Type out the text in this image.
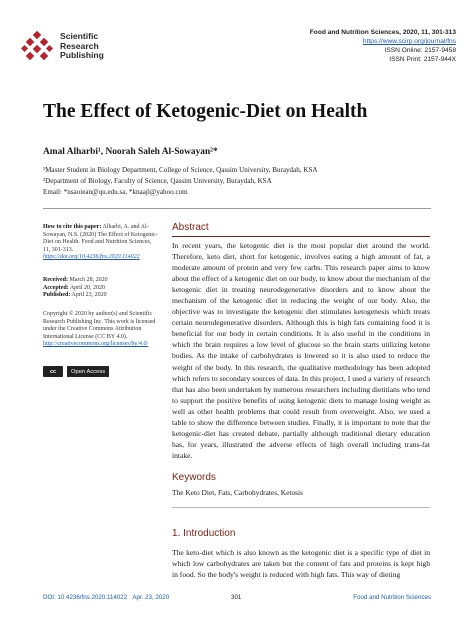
Scientific
Research
Publishing
Food and Nutrition Sciences, 2020, 11, 301-313
https://www.scirp.org/journal/fns
ISSN Online: 2157-9458
ISSN Print: 2157-944X
The Effect of Ketogenic-Diet on Health
Amal Alharbi¹, Noorah Saleh Al-Sowayan²*
¹Master Student in Biology Department, College of Science, Qassim University, Buraydah, KSA
²Department of Biology, Faculty of Science, Qassim University, Buraydah, KSA
Email: *nsaoiean@qu.edu.sa, *knaajl@yahoo.com
How to cite this paper: Alharbi, A. and Al-Sowayan, N.S. (2020) The Effect of Ketogenic-Diet on Health. Food and Nutrition Sciences, 11, 301-313. https://doi.org/10.4236/fns.2020.114022
Received: March 28, 2020
Accepted: April 20, 2020
Published: April 23, 2020
Copyright © 2020 by author(s) and Scientific Research Publishing Inc. This work is licensed under the Creative Commons Attribution International License (CC BY 4.0). http://creativecommons.org/licenses/by/4.0/
cc	Open Access
Abstract
In recent years, the ketogenic diet is the most popular diet around the world. Therefore, keto diet, short for ketogenic, involves eating a high amount of fat, a moderate amount of protein and very few carbs. This research paper aims to know about the effect of a ketogenic diet on our body, to know about the mechanism of the ketogenic diet in treating neurodegenerative disorders and to know about the mechanism of the ketogenic diet in reducing the weight of our body. Also, the objective was to investigate the ketogenic diet stimulates ketogenesis which treats certain neurodegenerative disorders. Although this is high fats containing food it is beneficial for our body in certain conditions. It is also useful in the conditions in which the brain requires a low level of glucose so the brain starts utilizing ketone bodies. As the intake of carbohydrates is lowered so it is also used to reduce the weight of the body. In this research, the qualitative methodology has been adopted which refers to secondary sources of data. In this project, I used a variety of research that has also been undertaken by numerous researchers including dietitians who tend to support the positive benefits of using ketogenic diets to manage losing weight as well as other health problems that could result from overweight. Also, we used a table to show the difference between studies. Finally, it is important to note that the ketogenic-diet has created debate, partially although traditional dietary education has, for years, illustrated the adverse effects of high overall including trans-fat intake.
Keywords
The Keto Diet, Fats, Carbohydrates, Ketosis
1. Introduction
The keto-diet which is also known as the ketogenic diet is a specific type of diet in which low carbohydrates are taken but the content of fats and proteins is kept high in food. So the body's weight is reduced with high fats. This way of dieting
DOI: 10.4236/fns.2020.114022 Apr. 23, 2020	301	Food and Nutrition Sciences
